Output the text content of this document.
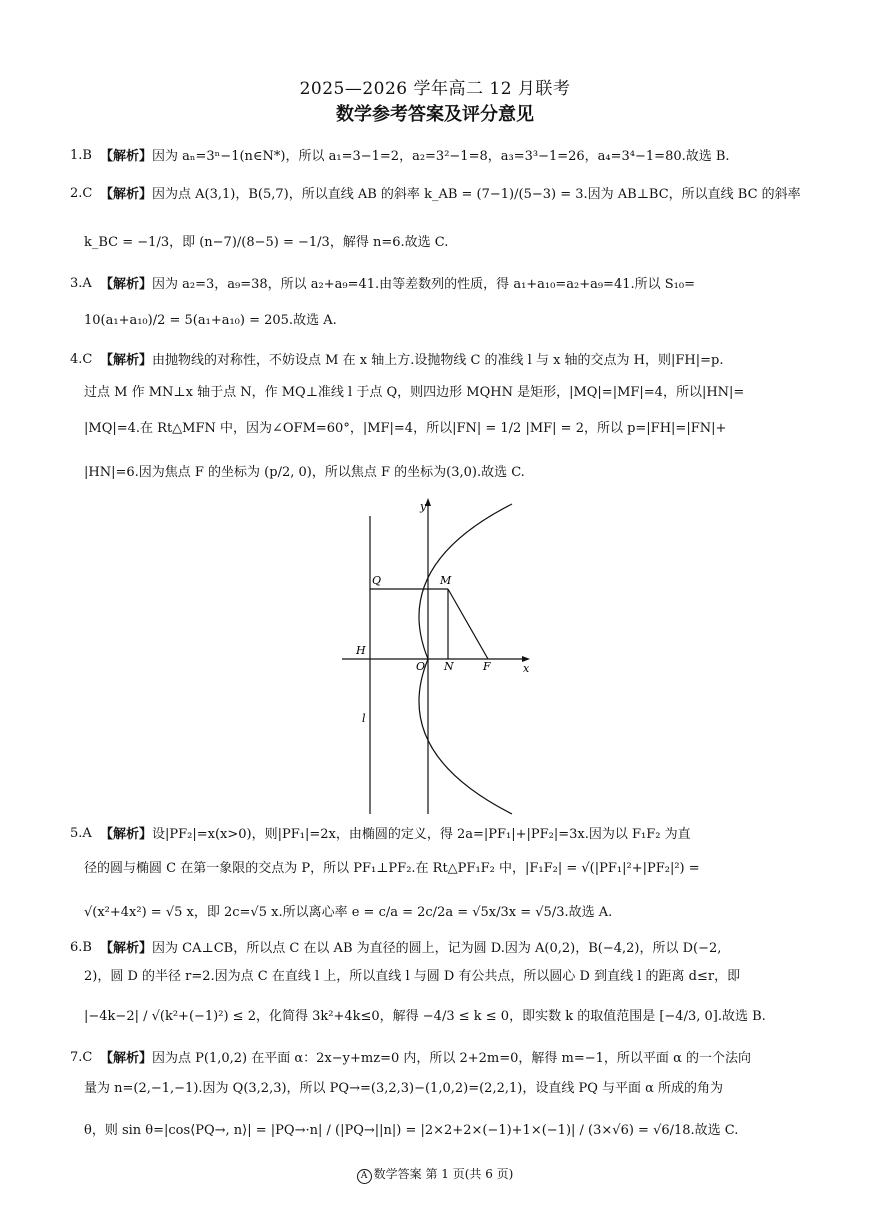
2025—2026 学年高二 12 月联考
数学参考答案及评分意见
1.B 【解析】因为 aₙ=3ⁿ−1(n∈N*)，所以 a₁=3−1=2，a₂=3²−1=8，a₃=3³−1=26，a₄=3⁴−1=80.故选 B.
2.C 【解析】因为点 A(3,1)，B(5,7)，所以直线 AB 的斜率 k_AB = (7−1)/(5−3) = 3.因为 AB⊥BC，所以直线 BC 的斜率
k_BC = −1/3，即 (n−7)/(8−5) = −1/3，解得 n=6.故选 C.
3.A 【解析】因为 a₂=3，a₉=38，所以 a₂+a₉=41.由等差数列的性质，得 a₁+a₁₀=a₂+a₉=41.所以 S₁₀=
10(a₁+a₁₀)/2 = 5(a₁+a₁₀) = 205.故选 A.
4.C 【解析】由抛物线的对称性，不妨设点 M 在 x 轴上方.设抛物线 C 的准线 l 与 x 轴的交点为 H，则|FH|=p.
过点 M 作 MN⊥x 轴于点 N，作 MQ⊥准线 l 于点 Q，则四边形 MQHN 是矩形，|MQ|=|MF|=4，所以|HN|=
|MQ|=4.在 Rt△MFN 中，因为∠OFM=60°，|MF|=4，所以|FN| = 1/2 |MF| = 2，所以 p=|FH|=|FN|+
|HN|=6.因为焦点 F 的坐标为 (p/2, 0)，所以焦点 F 的坐标为(3,0).故选 C.
y
x
Q	M
H
O N	F
l
5.A 【解析】设|PF₂|=x(x>0)，则|PF₁|=2x，由椭圆的定义，得 2a=|PF₁|+|PF₂|=3x.因为以 F₁F₂ 为直
径的圆与椭圆 C 在第一象限的交点为 P，所以 PF₁⊥PF₂.在 Rt△PF₁F₂ 中，|F₁F₂| = √(|PF₁|²+|PF₂|²) =
√(x²+4x²) = √5 x，即 2c=√5 x.所以离心率 e = c/a = 2c/2a = √5x/3x = √5/3.故选 A.
6.B 【解析】因为 CA⊥CB，所以点 C 在以 AB 为直径的圆上，记为圆 D.因为 A(0,2)，B(−4,2)，所以 D(−2,
2)，圆 D 的半径 r=2.因为点 C 在直线 l 上，所以直线 l 与圆 D 有公共点，所以圆心 D 到直线 l 的距离 d≤r，即
|−4k−2| / √(k²+(−1)²) ≤ 2，化简得 3k²+4k≤0，解得 −4/3 ≤ k ≤ 0，即实数 k 的取值范围是 [−4/3, 0].故选 B.
7.C 【解析】因为点 P(1,0,2) 在平面 α：2x−y+mz=0 内，所以 2+2m=0，解得 m=−1，所以平面 α 的一个法向
量为 n=(2,−1,−1).因为 Q(3,2,3)，所以 PQ→=(3,2,3)−(1,0,2)=(2,2,1)，设直线 PQ 与平面 α 所成的角为
θ，则 sin θ=|cos⟨PQ→, n⟩| = |PQ→·n| / (|PQ→||n|) = |2×2+2×(−1)+1×(−1)| / (3×√6) = √6/18.故选 C.
A 数学答案 第 1 页(共 6 页)
